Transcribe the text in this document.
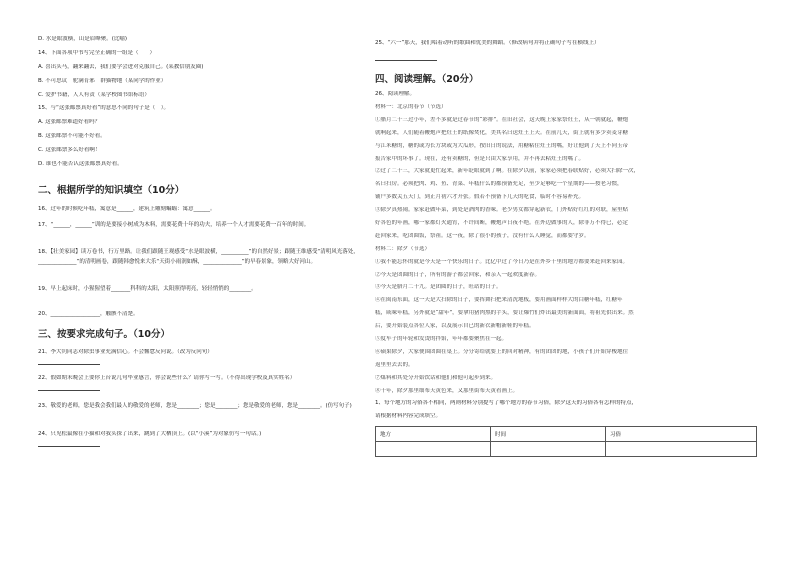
D. 水是眼波横，山是眉峰聚。(比喻)
14、下面各项中书写完全正确的一组是（　　）
A. 喜出头马，翻来翻去，我们要学会进对克服自己。(某教信朋友圈)
B. 不可思议　驼满育邪　群猫物地（某同学的作业）
C. 爱护书籍，人人有责（某学校图书馆标语）
15、与“这张邮票真好看”的意思不同的句子是（　）。
A. 这张邮票难道好看吗？
B. 这张邮票不可能不好看。
C. 这张邮票多么好看啊！
D. 谁也不能否认这张邮票真好看。
二、根据所学的知识填空（10分）
16、过年的时候吃年糕，寓意是______，建筑上雕刻蝙蝠：寓意______。
17、“______，______”训的是要接小树成为木料，需要花费十年的功夫，培养一个人才需要花费一百年的时间。
18、【壮美家园】读万卷书，行万里路。让我们跟随王观感受“水是眼波横，__________”的自然好景；跟随王维感受“清明风光落处，______________”的清明画卷，跟随韩愈悦来大乐“天街小雨润如酥，______________”的早春景象，领略大好河山。
19、早上起床时，小猩猩望着_______科科的太阳，太阳照得明亮，轻轻悄悄的________。
20、__________________，触骸不清楚。
三、按要求完成句子。（10分）
21、李大钊同志对除虫事业充满信心。不会懈怠反问说。（改为反问句）
22、假如期末晚会上要你上台说几句毕业感言，你会说些什么？请你写一写。（不得出现学校及真实姓名）
23、敬爱的老师，您是我会我们最人的敬爱的老师，您是________；您是________；您是敬爱的老师，您是________。(仿写句子)
24、只见松鼠像在小猫和对我头探了出来，跳到了大栖顶上。(以“小溪”为对象仿写一句话。)
25、“六一”那天，我们唱着动听的歌曲和优美的舞蹈。（修改病句并将正确句子写在横线上）
四、阅读理解。（20分）
26、阅读理解。
材料一：北京的春节（节选）
①腊月二十三过小年，差不多就是过春节的“彩排”。在旧社会，这天晚上家家祭灶王，从一朝就起，鞭炮
就响起来，人们随着鞭炮声把灶王的纸像焚化，美其名曰送灶王上天。在前几天，街上就有多少卖麦芽糖
与江米糖的，糖的或为长方块或为大瓜形，按旧日的说法，用糖粘住灶王的嘴，好让他到了天上不向玉帝
报告家中的坏事了。现在，还有卖糖的，但是只由大家享用，并不再去粘灶王的嘴了。
②过了二十三，大家就更忙起来，新年眨眼就到了啊。在除夕以前，家家必须把春联贴好，必须大扫除一次，
名曰扫房。必须把肉、鸡、鱼、青菜、年糕什么的都预备充足，至少足够吃一个星期的——按老习惯，
铺户多数关五天门，到正月初六才开张。假若不预备下几天的吃食，临时不容易补充。
③除夕真热闹。家家赶做年菜，到处是酒肉的香味。老少男女都穿起新衣，门外贴好红红的对联，屋里贴
好各色的年画，哪一家都灯火通宵，不许间断，鞭炮声日夜不绝。在外边做事的人，除非万不得已，必定
赶回家来，吃团圆饭，祭祖。这一夜，除了很小的孩子，没有什么人睡觉，而都要守岁。
材料二：除夕（节选）
①我不能忘怀的就是今天是一个快乐的日子。比亿中过了今日乃是在外乡千里的地方都要来赶回来家园。
②今天是团圆的日子，所有的游子都会回家，和亲人一起欢度新春。
③今天是腊月二十九。是团圆的日子，旺站的日子。
④在闽南东面，这一天是大扫除的日子，要挥舞扫把来清洗地板，要用画面样样大的白糖年糕，红糖年
糕，咸味年糕，另外就是“甜年”，要拿用猪肉熬的芋头，要让爆竹们炸出最美的新面面，将祖先供出来。然
后，要开始装点各位人家，以及展示自已的新衣新帽新鞋的年糕。
⑤度车子的年轮和发烫的拌馅，年年都要聚焦在一起。
⑥硕果除夕，大家便围团圆在桌上。分分寄给就要上的回对精神，有的团团的地，小孩子们开始穿梭地往
返里里去去的。
⑦煤料和其处分开始饮话和他们和他可起步到来。
⑧千年，除夕那里细布天黄色来，又那里街布天黄看画上。
1、每个地方的习俗各不相同，两则材料分别提写了哪个地方的春节习俗，除夕这天的习俗各有怎样的特点，
请根据材料内容完成填空。
地方	时间	习俗
